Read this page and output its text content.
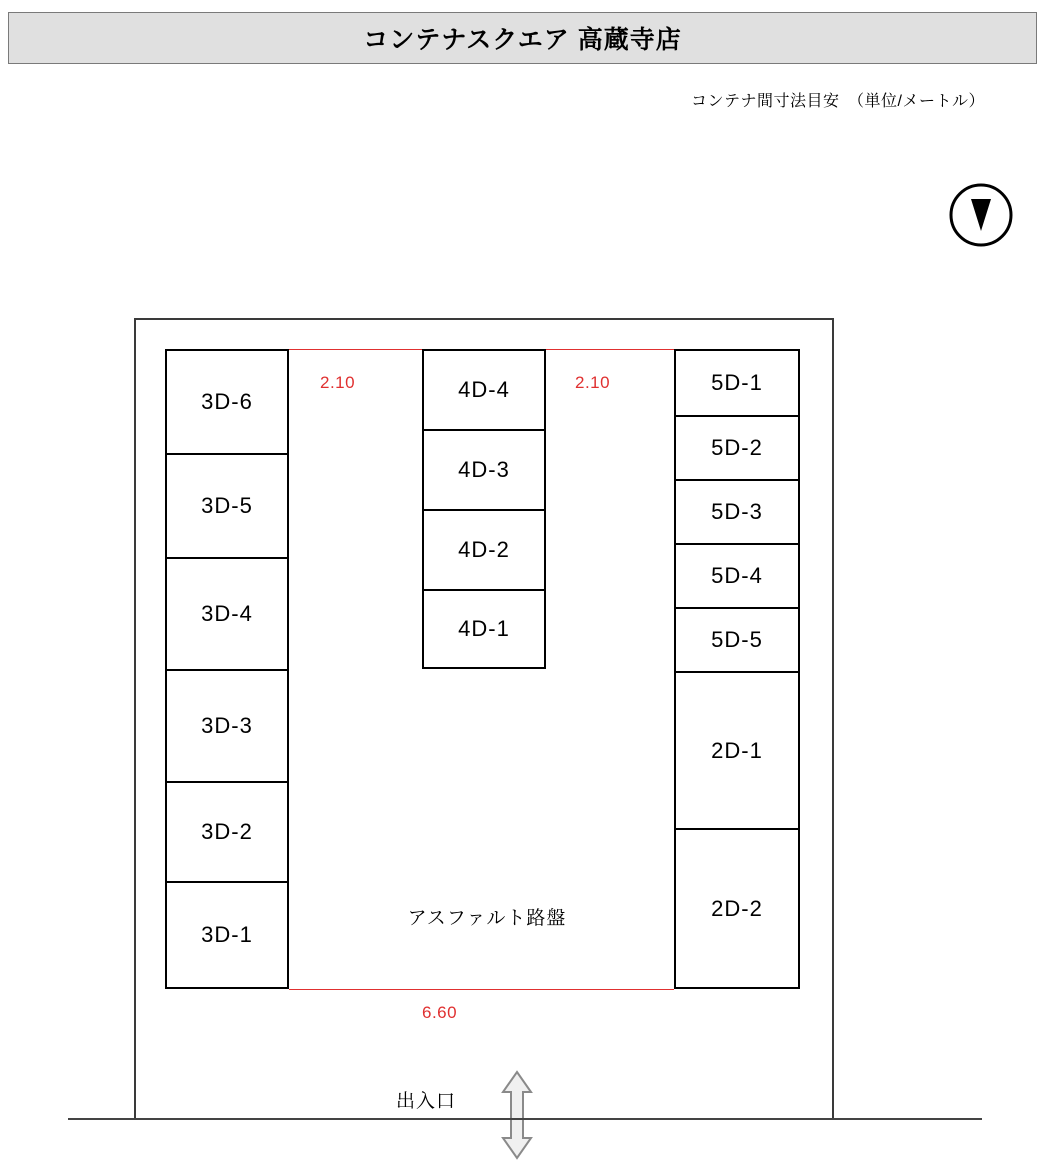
コンテナスクエア 高蔵寺店
コンテナ間寸法目安　（単位/メートル）
2.10	2.10
6.60
3D-6
3D-5
3D-4
3D-3
3D-2
3D-1
4D-4
4D-3
4D-2
4D-1
5D-1
5D-2
5D-3
5D-4
5D-5
2D-1
2D-2
アスファルト路盤
出入口
